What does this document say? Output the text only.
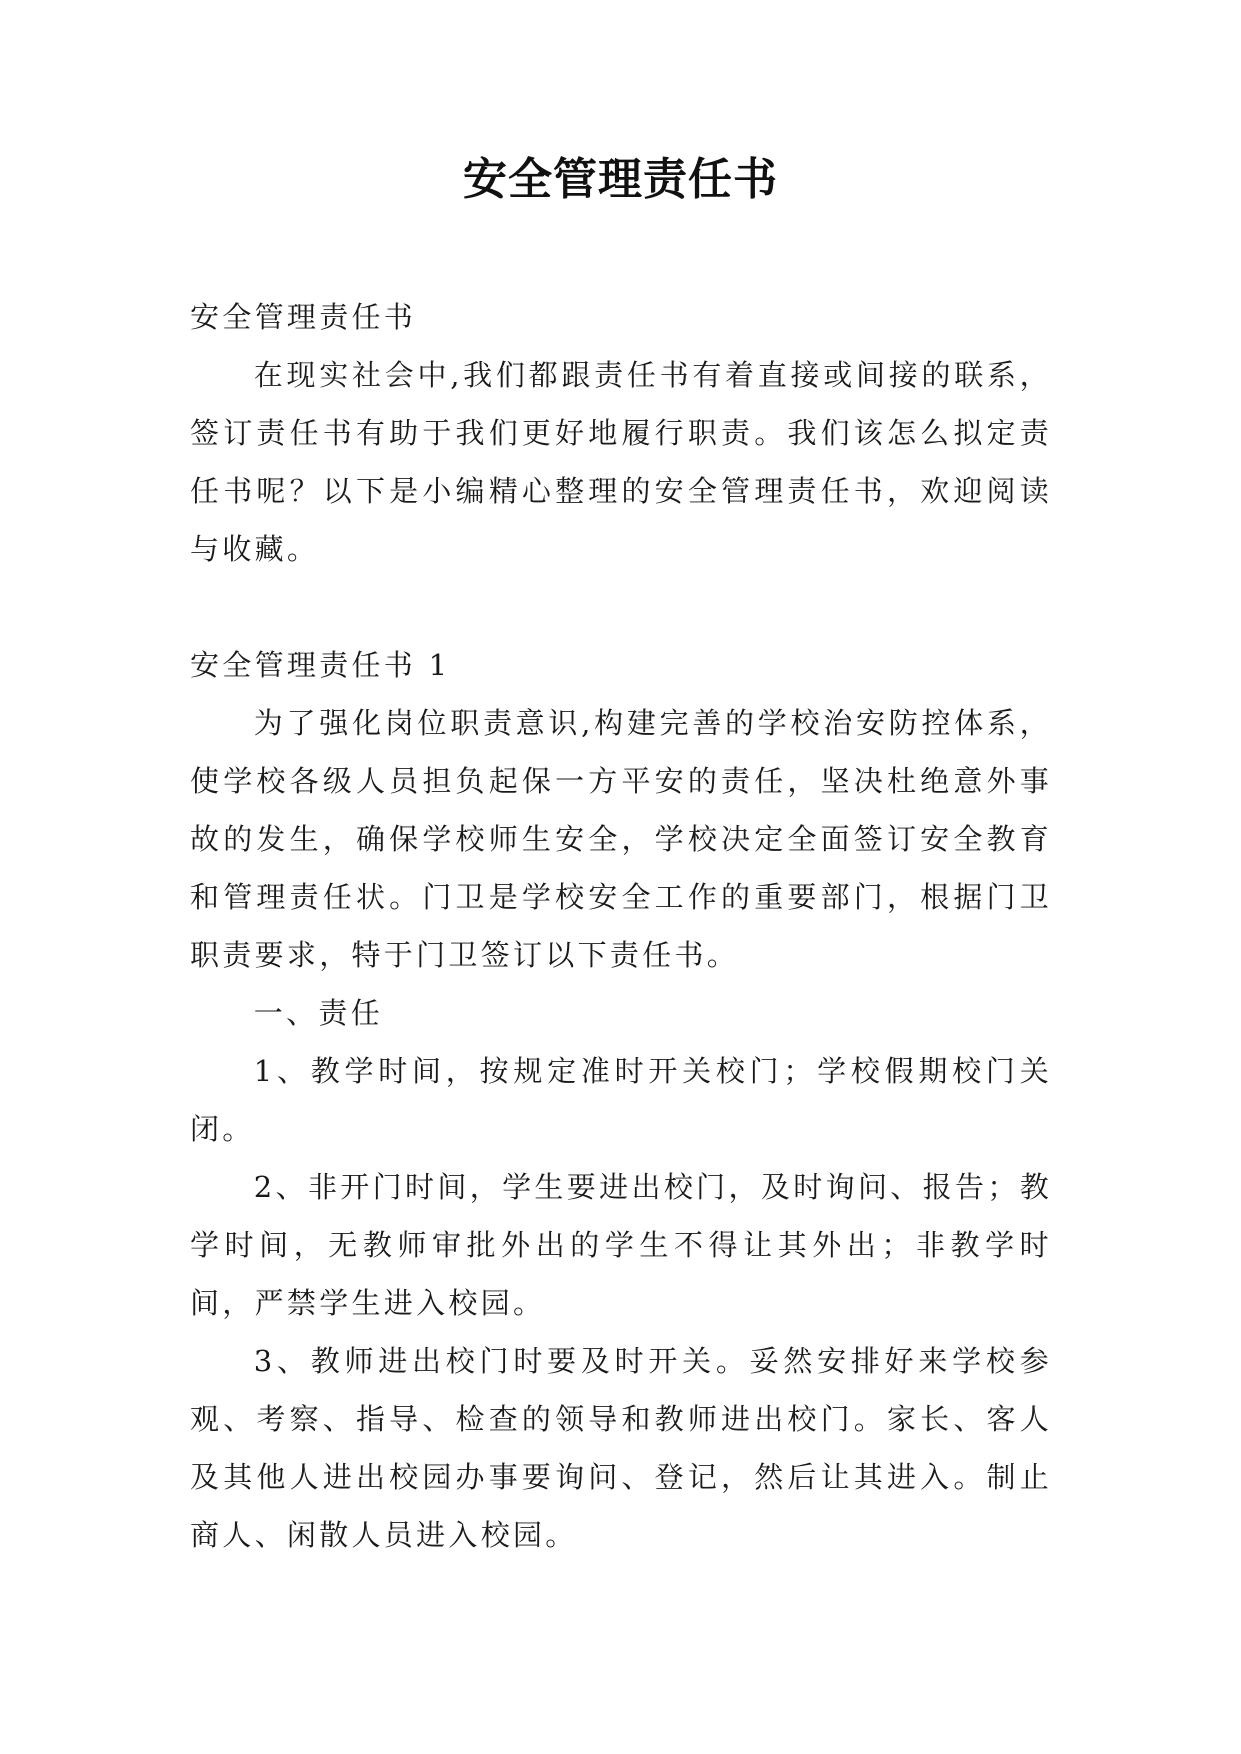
安全管理责任书

安全管理责任书

在现实社会中,我们都跟责任书有着直接或间接的联系，签订责任书有助于我们更好地履行职责。我们该怎么拟定责任书呢？以下是小编精心整理的安全管理责任书，欢迎阅读与收藏。

安全管理责任书 1

为了强化岗位职责意识,构建完善的学校治安防控体系，使学校各级人员担负起保一方平安的责任，坚决杜绝意外事故的发生，确保学校师生安全，学校决定全面签订安全教育和管理责任状。门卫是学校安全工作的重要部门，根据门卫职责要求，特于门卫签订以下责任书。

一、责任

1、教学时间，按规定准时开关校门；学校假期校门关闭。

2、非开门时间，学生要进出校门，及时询问、报告；教学时间，无教师审批外出的学生不得让其外出；非教学时间，严禁学生进入校园。

3、教师进出校门时要及时开关。妥然安排好来学校参观、考察、指导、检查的领导和教师进出校门。家长、客人及其他人进出校园办事要询问、登记，然后让其进入。制止商人、闲散人员进入校园。
